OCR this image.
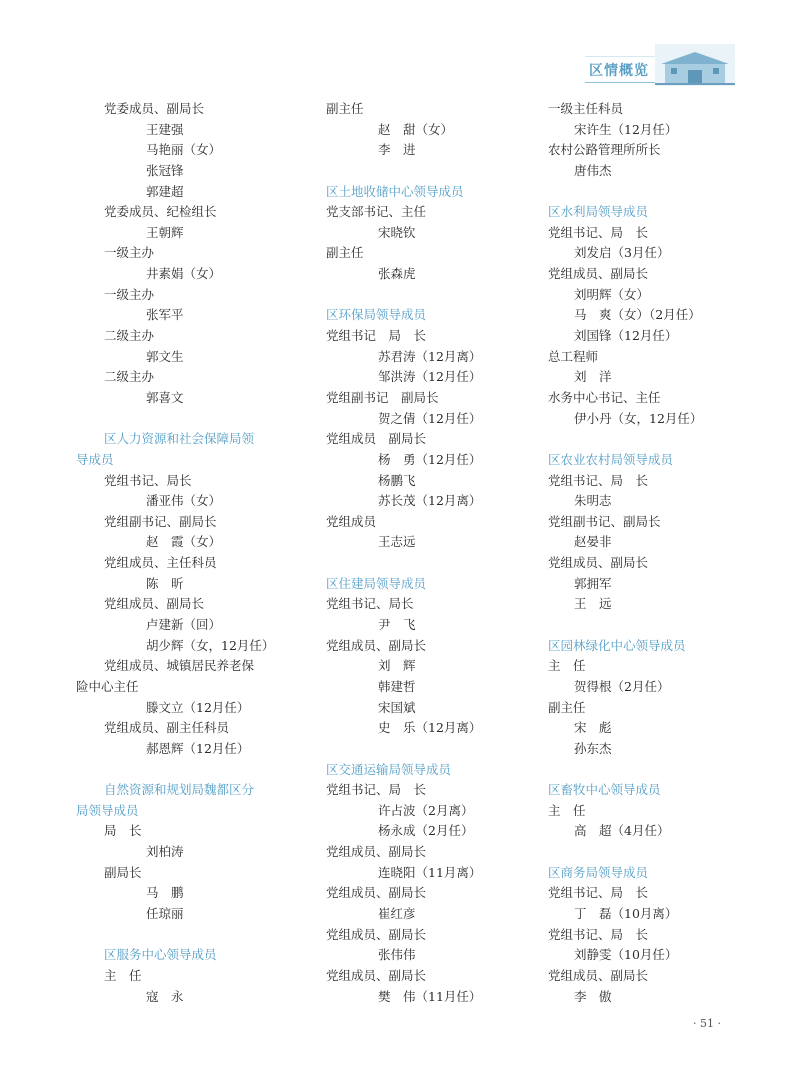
区情概览
党委成员、副局长
王建强
马艳丽（女）
张冠锋
郭建超
党委成员、纪检组长
王朝辉
一级主办
井素娟（女）
一级主办
张军平
二级主办
郭文生
二级主办
郭喜文
区人力资源和社会保障局领
导成员
党组书记、局长
潘亚伟（女）
党组副书记、副局长
赵　霞（女）
党组成员、主任科员
陈　昕
党组成员、副局长
卢建新（回）
胡少辉（女，12月任）
党组成员、城镇居民养老保
险中心主任
滕文立（12月任）
党组成员、副主任科员
郝恩辉（12月任）
自然资源和规划局魏都区分
局领导成员
局　长
刘柏涛
副局长
马　鹏
任琼丽
区服务中心领导成员
主　任
寇　永
副主任
赵　甜（女）
李　进
区土地收储中心领导成员
党支部书记、主任
宋晓钦
副主任
张森虎
区环保局领导成员
党组书记　局　长
苏君涛（12月离）
邹洪涛（12月任）
党组副书记　副局长
贺之倩（12月任）
党组成员　副局长
杨　勇（12月任）
杨鹏飞
苏长茂（12月离）
党组成员
王志远
区住建局领导成员
党组书记、局长
尹　飞
党组成员、副局长
刘　辉
韩建哲
宋国斌
史　乐（12月离）
区交通运输局领导成员
党组书记、局　长
许占波（2月离）
杨永成（2月任）
党组成员、副局长
连晓阳（11月离）
党组成员、副局长
崔红彦
党组成员、副局长
张伟伟
党组成员、副局长
樊　伟（11月任）
一级主任科员
宋许生（12月任）
农村公路管理所所长
唐伟杰
区水利局领导成员
党组书记、局　长
刘发启（3月任）
党组成员、副局长
刘明辉（女）
马　爽（女）（2月任）
刘国锋（12月任）
总工程师
刘　洋
水务中心书记、主任
伊小丹（女，12月任）
区农业农村局领导成员
党组书记、局　长
朱明志
党组副书记、副局长
赵晏非
党组成员、副局长
郭拥军
王　远
区园林绿化中心领导成员
主　任
贺得根（2月任）
副主任
宋　彪
孙东杰
区畜牧中心领导成员
主　任
高　超（4月任）
区商务局领导成员
党组书记、局　长
丁　磊（10月离）
党组书记、局　长
刘静雯（10月任）
党组成员、副局长
李　傲
· 51 ·
